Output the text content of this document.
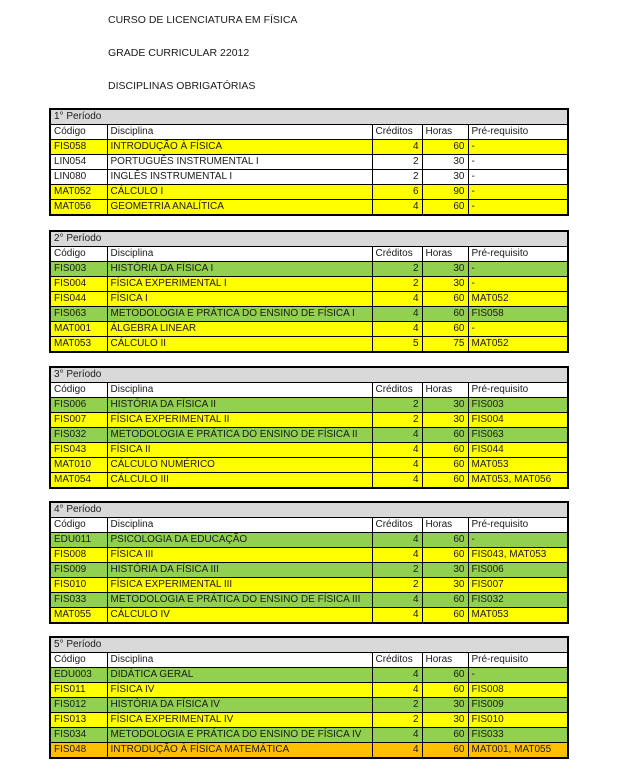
CURSO DE LICENCIATURA EM FÍSICA
GRADE CURRICULAR 22012
DISCIPLINAS OBRIGATÓRIAS
1° Período				
Código	Disciplina	Créditos	Horas	Pré-requisito
FIS058	INTRODUÇÃO À FÍSICA	4	60	-
LIN054	PORTUGUÊS INSTRUMENTAL I	2	30	-
LIN080	INGLÊS INSTRUMENTAL I	2	30	-
MAT052	CÁLCULO I	6	90	-
MAT056	GEOMETRIA ANALÍTICA	4	60	-
2° Período				
Código	Disciplina	Créditos	Horas	Pré-requisito
FIS003	HISTÓRIA DA FÍSICA I	2	30	-
FIS004	FÍSICA EXPERIMENTAL I	2	30	-
FIS044	FÍSICA I	4	60	MAT052
FIS063	METODOLOGIA E PRÁTICA DO ENSINO DE FÍSICA I	4	60	FIS058
MAT001	ÁLGEBRA LINEAR	4	60	-
MAT053	CÁLCULO II	5	75	MAT052
3° Período				
Código	Disciplina	Créditos	Horas	Pré-requisito
FIS006	HISTÓRIA DA FÍSICA II	2	30	FIS003
FIS007	FÍSICA EXPERIMENTAL II	2	30	FIS004
FIS032	METODOLOGIA E PRÁTICA DO ENSINO DE FÍSICA II	4	60	FIS063
FIS043	FÍSICA II	4	60	FIS044
MAT010	CÁLCULO NUMÉRICO	4	60	MAT053
MAT054	CÁLCULO III	4	60	MAT053, MAT056
4° Período				
Código	Disciplina	Créditos	Horas	Pré-requisito
EDU011	PSICOLOGIA DA EDUCAÇÃO	4	60	-
FIS008	FÍSICA III	4	60	FIS043, MAT053
FIS009	HISTÓRIA DA FÍSICA III	2	30	FIS006
FIS010	FÍSICA EXPERIMENTAL III	2	30	FIS007
FIS033	METODOLOGIA E PRÁTICA DO ENSINO DE FÍSICA III	4	60	FIS032
MAT055	CÁLCULO IV	4	60	MAT053
5° Período				
Código	Disciplina	Créditos	Horas	Pré-requisito
EDU003	DIDÁTICA GERAL	4	60	-
FIS011	FÍSICA IV	4	60	FIS008
FIS012	HISTÓRIA DA FÍSICA IV	2	30	FIS009
FIS013	FÍSICA EXPERIMENTAL IV	2	30	FIS010
FIS034	METODOLOGIA E PRÁTICA DO ENSINO DE FÍSICA IV	4	60	FIS033
FIS048	INTRODUÇÃO À FÍSICA MATEMÁTICA	4	60	MAT001, MAT055
